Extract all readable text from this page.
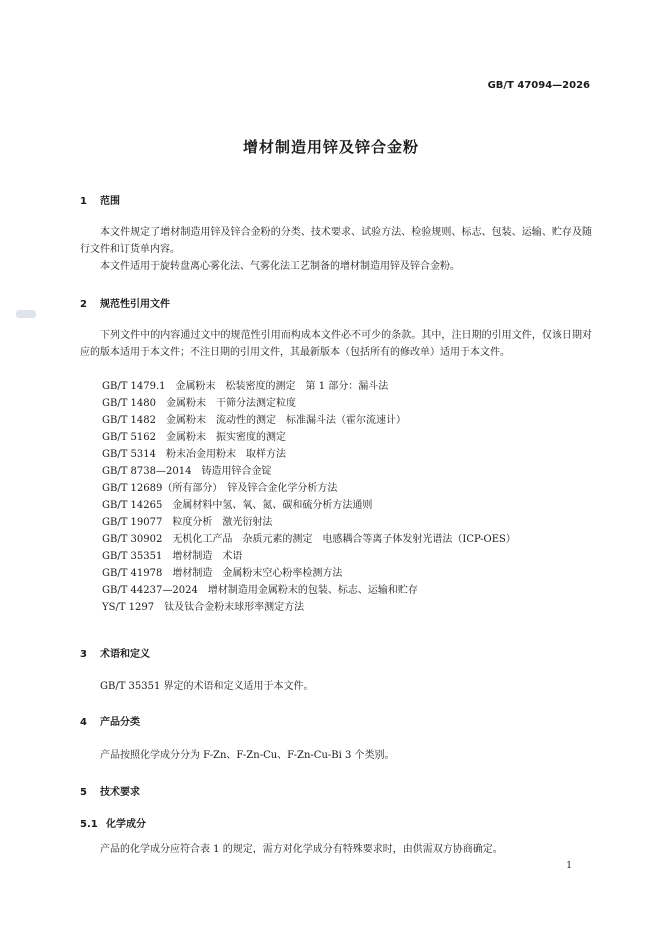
GB/T 47094—2026
增材制造用锌及锌合金粉
1 范围

本文件规定了增材制造用锌及锌合金粉的分类、技术要求、试验方法、检验规则、标志、包装、运输、贮存及随行文件和订货单内容。

本文件适用于旋转盘离心雾化法、气雾化法工艺制备的增材制造用锌及锌合金粉。

2 规范性引用文件

下列文件中的内容通过文中的规范性引用而构成本文件必不可少的条款。其中，注日期的引用文件，仅该日期对应的版本适用于本文件；不注日期的引用文件，其最新版本（包括所有的修改单）适用于本文件。

GB/T 1479.1　金属粉末　松装密度的测定　第 1 部分：漏斗法
GB/T 1480　金属粉末　干筛分法测定粒度
GB/T 1482　金属粉末　流动性的测定　标准漏斗法（霍尔流速计）
GB/T 5162　金属粉末　振实密度的测定
GB/T 5314　粉末冶金用粉末　取样方法
GB/T 8738—2014　铸造用锌合金锭
GB/T 12689（所有部分）　锌及锌合金化学分析方法
GB/T 14265　金属材料中氢、氧、氮、碳和硫分析方法通则
GB/T 19077　粒度分析　激光衍射法
GB/T 30902　无机化工产品　杂质元素的测定　电感耦合等离子体发射光谱法（ICP-OES）
GB/T 35351　增材制造　术语
GB/T 41978　增材制造　金属粉末空心粉率检测方法
GB/T 44237—2024　增材制造用金属粉末的包装、标志、运输和贮存
YS/T 1297　钛及钛合金粉末球形率测定方法
3 术语和定义

GB/T 35351 界定的术语和定义适用于本文件。

4 产品分类

产品按照化学成分分为 F-Zn、F-Zn-Cu、F-Zn-Cu-Bi 3 个类别。

5 技术要求
5.1 化学成分

产品的化学成分应符合表 1 的规定，需方对化学成分有特殊要求时，由供需双方协商确定。

1
